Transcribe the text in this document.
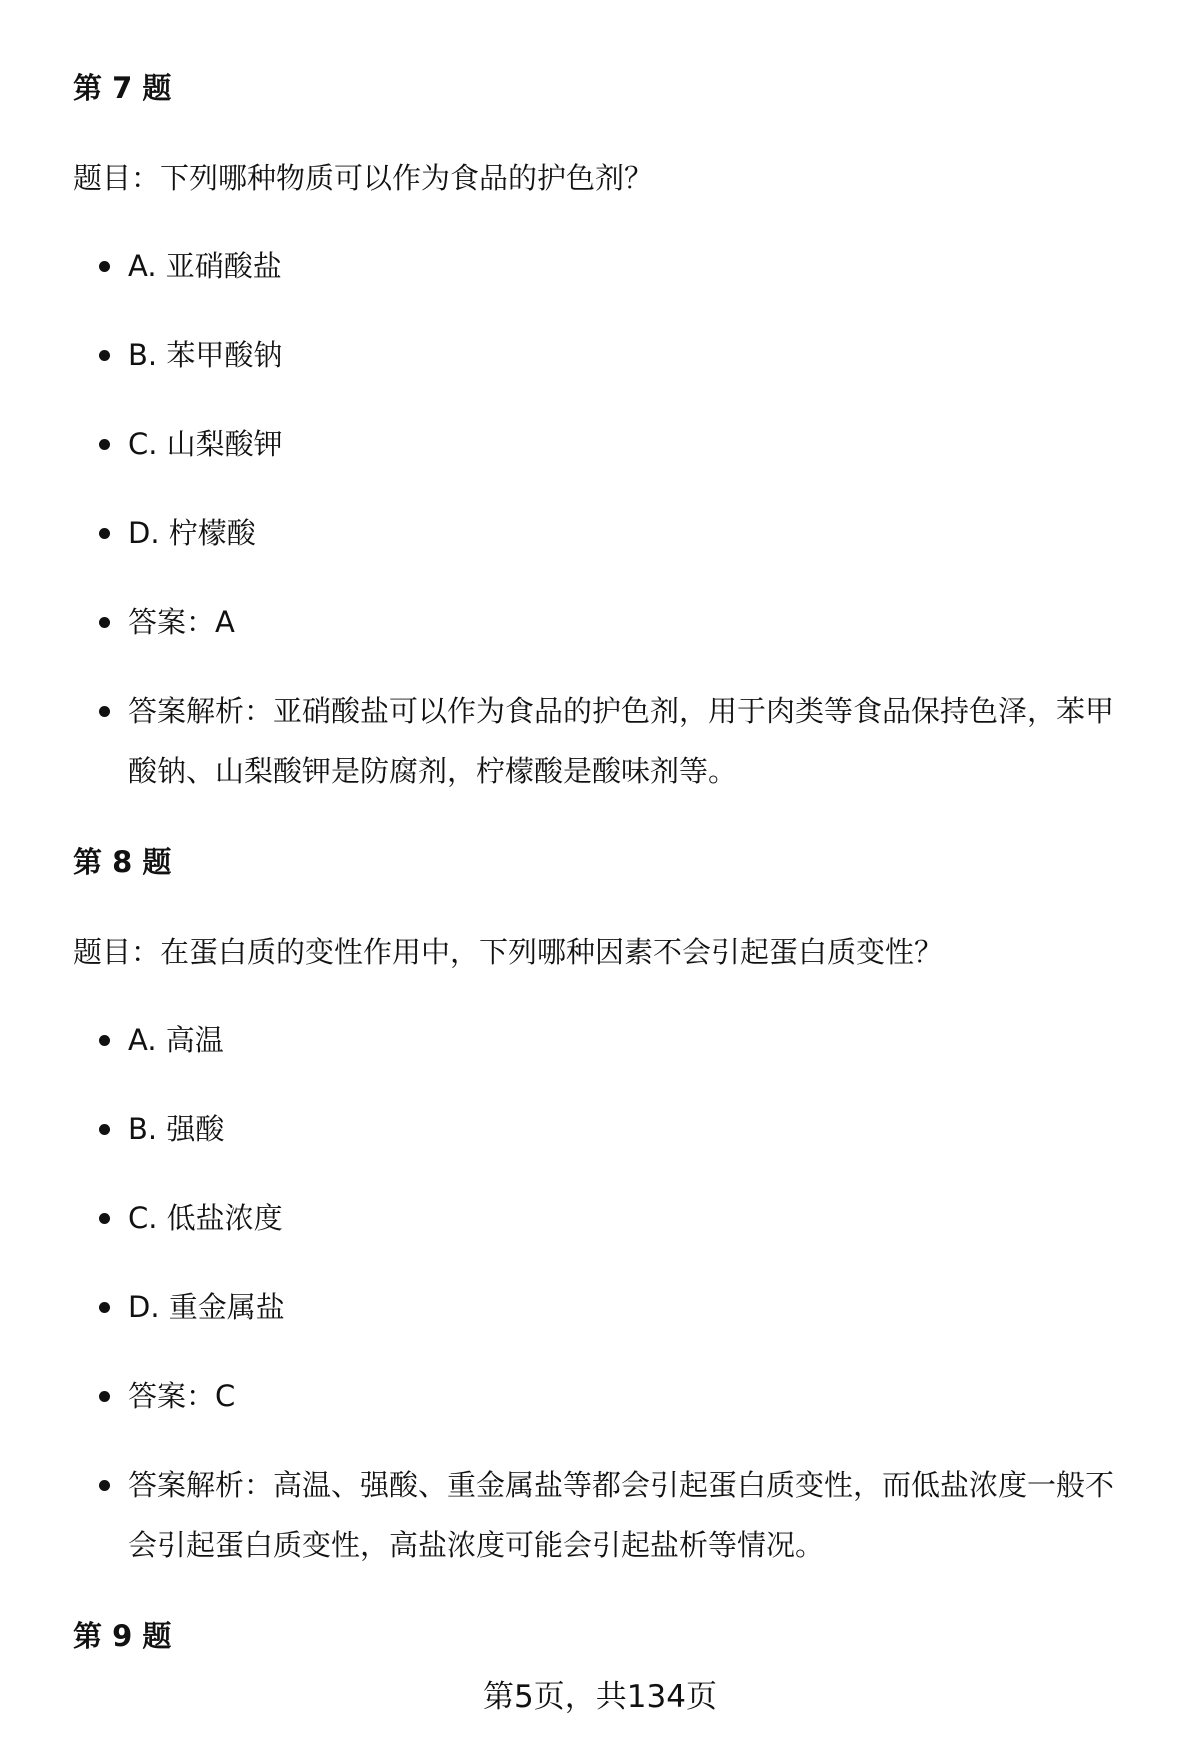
第 7 题
题目：下列哪种物质可以作为食品的护色剂？
A. 亚硝酸盐
B. 苯甲酸钠
C. 山梨酸钾
D. 柠檬酸
答案：A
答案解析：亚硝酸盐可以作为食品的护色剂，用于肉类等食品保持色泽，苯甲酸钠、山梨酸钾是防腐剂，柠檬酸是酸味剂等。
第 8 题
题目：在蛋白质的变性作用中，下列哪种因素不会引起蛋白质变性？
A. 高温
B. 强酸
C. 低盐浓度
D. 重金属盐
答案：C
答案解析：高温、强酸、重金属盐等都会引起蛋白质变性，而低盐浓度一般不会引起蛋白质变性，高盐浓度可能会引起盐析等情况。
第 9 题
第5页，共134页
